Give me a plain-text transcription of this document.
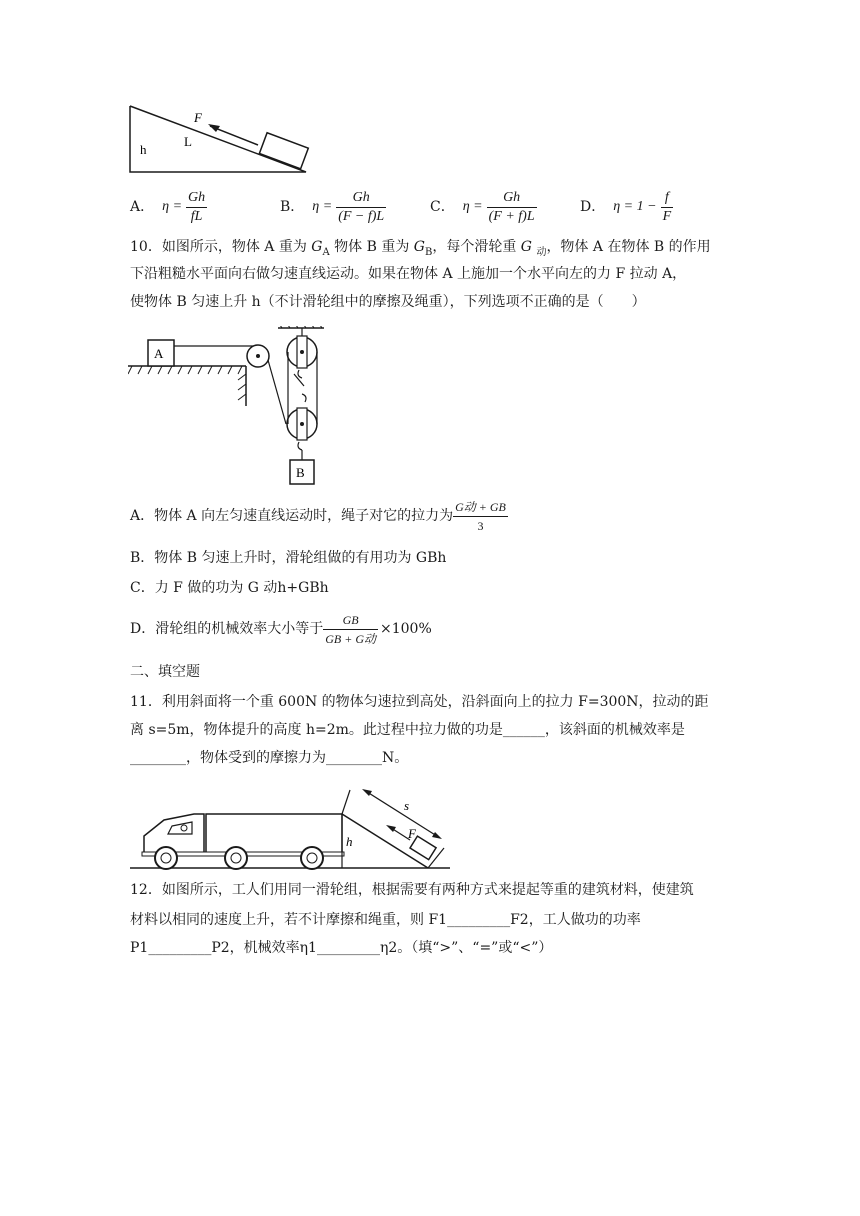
F
L
h
A． $\eta = \frac{Gh}{fL}$	B． $\eta = \frac{Gh}{(F - f)L}$	C． $\eta = \frac{Gh}{(F + f)L}$	D． $\eta = 1 - \frac{f}{F}$
10．如图所示，物体 A 重为 $G_A$ 物体 B 重为 $G_B$，每个滑轮重 G $_动$，物体 A 在物体 B 的作用
下沿粗糙水平面向右做匀速直线运动。如果在物体 A 上施加一个水平向左的力 F 拉动 A，
使物体 B 匀速上升 h（不计滑轮组中的摩擦及绳重），下列选项不正确的是（　　）
A
B
A．物体 A 向左匀速直线运动时，绳子对它的拉力为 $\frac{\text{G动 + GB}}{3}$
B．物体 B 匀速上升时，滑轮组做的有用功为 GBh
C．力 F 做的功为 G 动h+GBh
D．滑轮组的机械效率大小等于 $\frac{GB}{\text{GB + G动}} \times 100\%$
二、填空题
11．利用斜面将一个重 600N 的物体匀速拉到高处，沿斜面向上的拉力 F=300N，拉动的距
离 s=5m，物体提升的高度 h=2m。此过程中拉力做的功是______，该斜面的机械效率是
________，物体受到的摩擦力为________N。
h
s
F
12．如图所示，工人们用同一滑轮组，根据需要有两种方式来提起等重的建筑材料，使建筑
材料以相同的速度上升，若不计摩擦和绳重，则 F1_________F2，工人做功的功率
P1_________P2，机械效率η1_________η2。（填“>”、“=”或“<”）
